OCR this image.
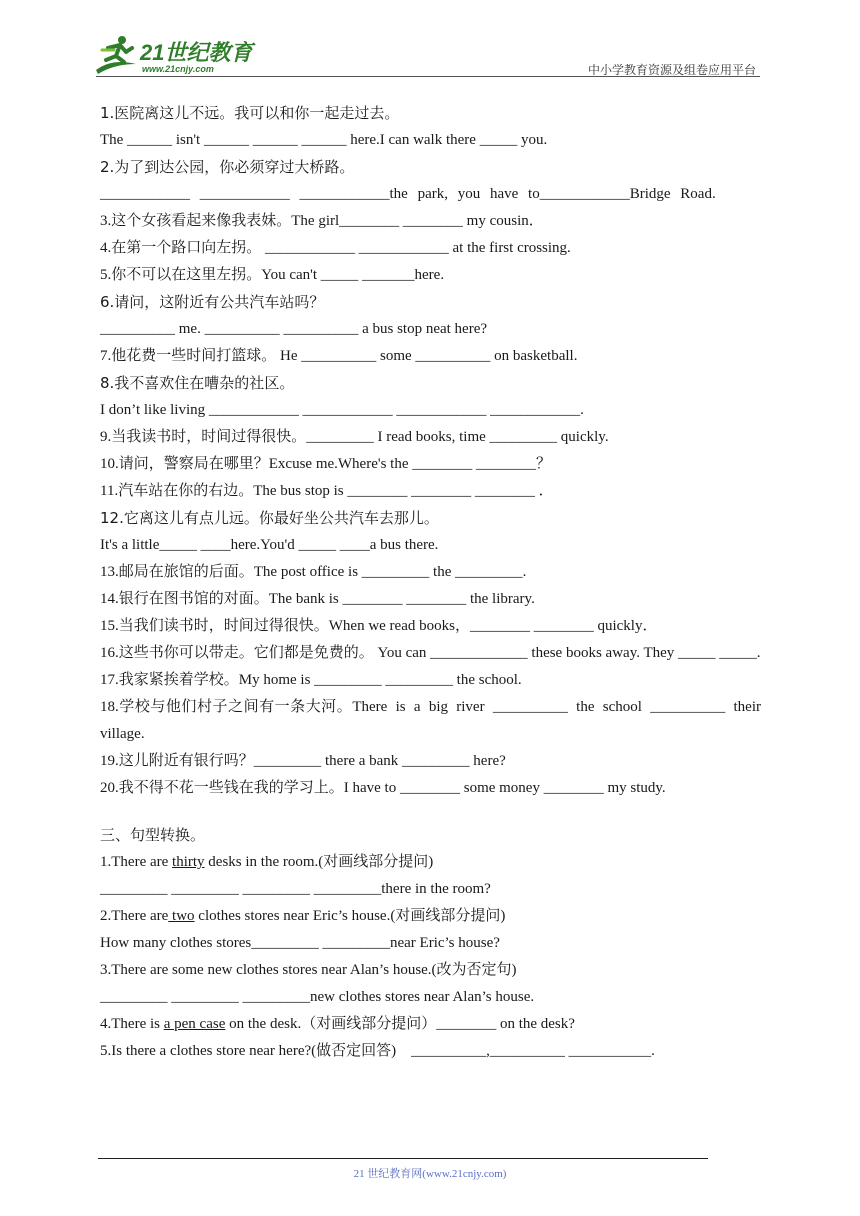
21世纪教育
www.21cnjy.com	中小学教育资源及组卷应用平台
1.医院离这儿不远。我可以和你一起走过去。
The ______ isn't ______ ______ ______ here.I can walk there _____ you.
2.为了到达公园，你必须穿过大桥路。
____________ ____________ ____________the park, you have to____________Bridge Road.
3.这个女孩看起来像我表妹。The girl________ ________ my cousin．
4.在第一个路口向左拐。 ____________ ____________ at the first crossing.
5.你不可以在这里左拐。You can't _____ _______here.
6.请问，这附近有公共汽车站吗？
__________ me. __________ __________ a bus stop neat here?
7.他花费一些时间打篮球。 He __________ some __________ on basketball.
8.我不喜欢住在嘈杂的社区。
I don’t like living ____________ ____________ ____________ ____________.
9.当我读书时，时间过得很快。_________ I read books, time _________ quickly.
10.请问，警察局在哪里？Excuse me.Where's the ________ ________？
11.汽车站在你的右边。The bus stop is ________ ________ ________ ．
12.它离这儿有点儿远。你最好坐公共汽车去那儿。
It's a little_____ ____here.You'd _____ ____a bus there.
13.邮局在旅馆的后面。The post office is _________ the _________.
14.银行在图书馆的对面。The bank is ________ ________ the library.
15.当我们读书时，时间过得很快。When we read books，________ ________ quickly．
16.这些书你可以带走。它们都是免费的。 You can _____________ these books away. They _____ _____.
17.我家紧挨着学校。My home is _________ _________ the school.
18.学校与他们村子之间有一条大河。There is a big river __________ the school __________ their village.
19.这儿附近有银行吗？_________ there a bank _________ here?
20.我不得不花一些钱在我的学习上。I have to ________ some money ________ my study.
三、句型转换。
1.There are thirty desks in the room.(对画线部分提问)
_________ _________ _________ _________there in the room?
2.There are two clothes stores near Eric’s house.(对画线部分提问)
How many clothes stores_________ _________near Eric’s house?
3.There are some new clothes stores near Alan’s house.(改为否定句)
_________ _________ _________new clothes stores near Alan’s house.
4.There is a pen case on the desk.（对画线部分提问）________ on the desk?
5.Is there a clothes store near here?(做否定回答)    __________,__________ ___________.
21 世纪教育网(www.21cnjy.com)
